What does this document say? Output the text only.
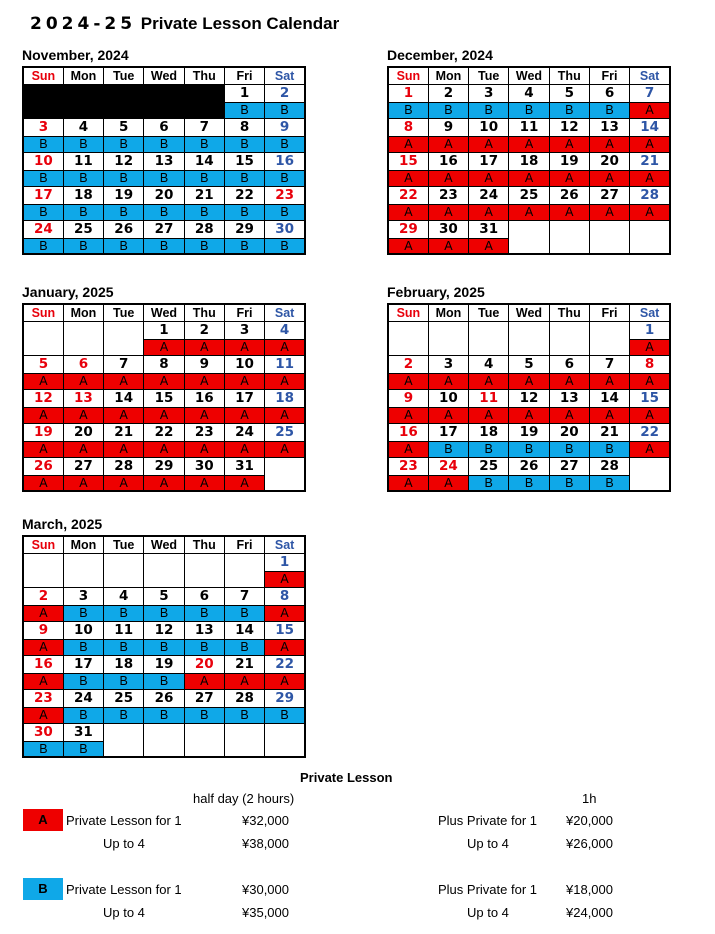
2024-25 Private Lesson Calendar
November, 2024
Sun	Mon	Tue	Wed	Thu	Fri	Sat
					1	2
					B	B
3	4	5	6	7	8	9
B	B	B	B	B	B	B
10	11	12	13	14	15	16
B	B	B	B	B	B	B
17	18	19	20	21	22	23
B	B	B	B	B	B	B
24	25	26	27	28	29	30
B	B	B	B	B	B	B
December, 2024
Sun	Mon	Tue	Wed	Thu	Fri	Sat
1	2	3	4	5	6	7
B	B	B	B	B	B	A
8	9	10	11	12	13	14
A	A	A	A	A	A	A
15	16	17	18	19	20	21
A	A	A	A	A	A	A
22	23	24	25	26	27	28
A	A	A	A	A	A	A
29	30	31				
A	A	A				
January, 2025
Sun	Mon	Tue	Wed	Thu	Fri	Sat
			1	2	3	4
			A	A	A	A
5	6	7	8	9	10	11
A	A	A	A	A	A	A
12	13	14	15	16	17	18
A	A	A	A	A	A	A
19	20	21	22	23	24	25
A	A	A	A	A	A	A
26	27	28	29	30	31	
A	A	A	A	A	A	
February, 2025
Sun	Mon	Tue	Wed	Thu	Fri	Sat
						1
						A
2	3	4	5	6	7	8
A	A	A	A	A	A	A
9	10	11	12	13	14	15
A	A	A	A	A	A	A
16	17	18	19	20	21	22
A	B	B	B	B	B	A
23	24	25	26	27	28	
A	A	B	B	B	B	
March, 2025
Sun	Mon	Tue	Wed	Thu	Fri	Sat
						1
						A
2	3	4	5	6	7	8
A	B	B	B	B	B	A
9	10	11	12	13	14	15
A	B	B	B	B	B	A
16	17	18	19	20	21	22
A	B	B	B	A	A	A
23	24	25	26	27	28	29
A	B	B	B	B	B	B
30	31					
B	B					
Private Lesson
half day (2 hours)	1h
A	Private Lesson for 1	¥32,000	Plus Private for 1 ¥20,000
Up to 4	¥38,000	Up to 4	¥26,000
B	Private Lesson for 1	¥30,000	Plus Private for 1 ¥18,000
Up to 4	¥35,000	Up to 4	¥24,000
